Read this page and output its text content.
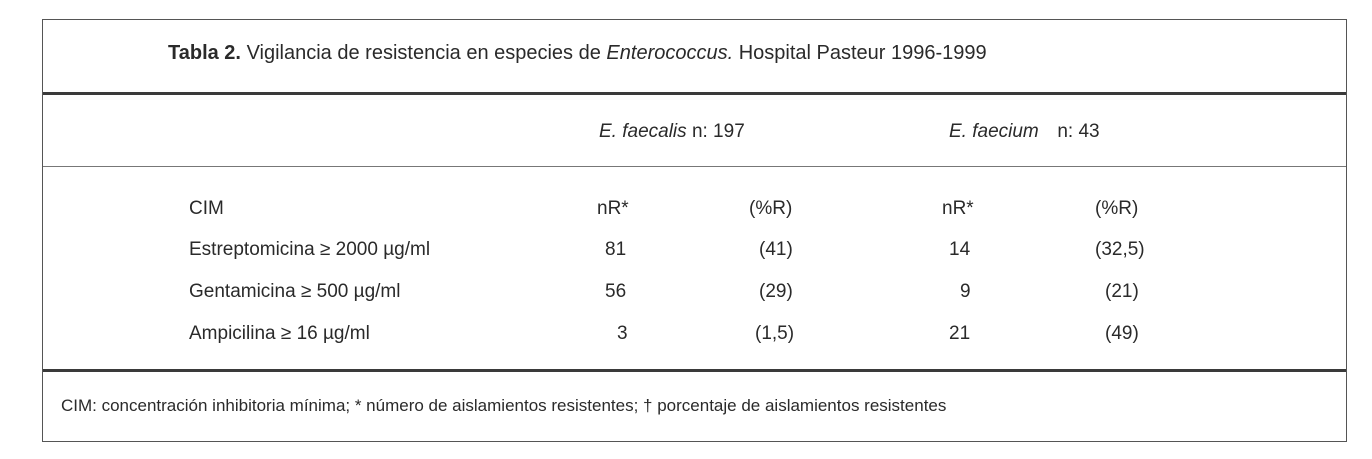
Tabla 2. Vigilancia de resistencia en especies de Enterococcus. Hospital Pasteur 1996-1999
E. faecalis n: 197	E. faecium n: 43
CIM	nR*	(%R)	nR*	(%R)
Estreptomicina ≥ 2000 µg/ml	81	(41)	14	(32,5)
Gentamicina ≥ 500 µg/ml	56	(29)	9	(21)
Ampicilina ≥ 16 µg/ml	3	(1,5)	21	(49)
CIM: concentración inhibitoria mínima; * número de aislamientos resistentes; † porcentaje de aislamientos resistentes
